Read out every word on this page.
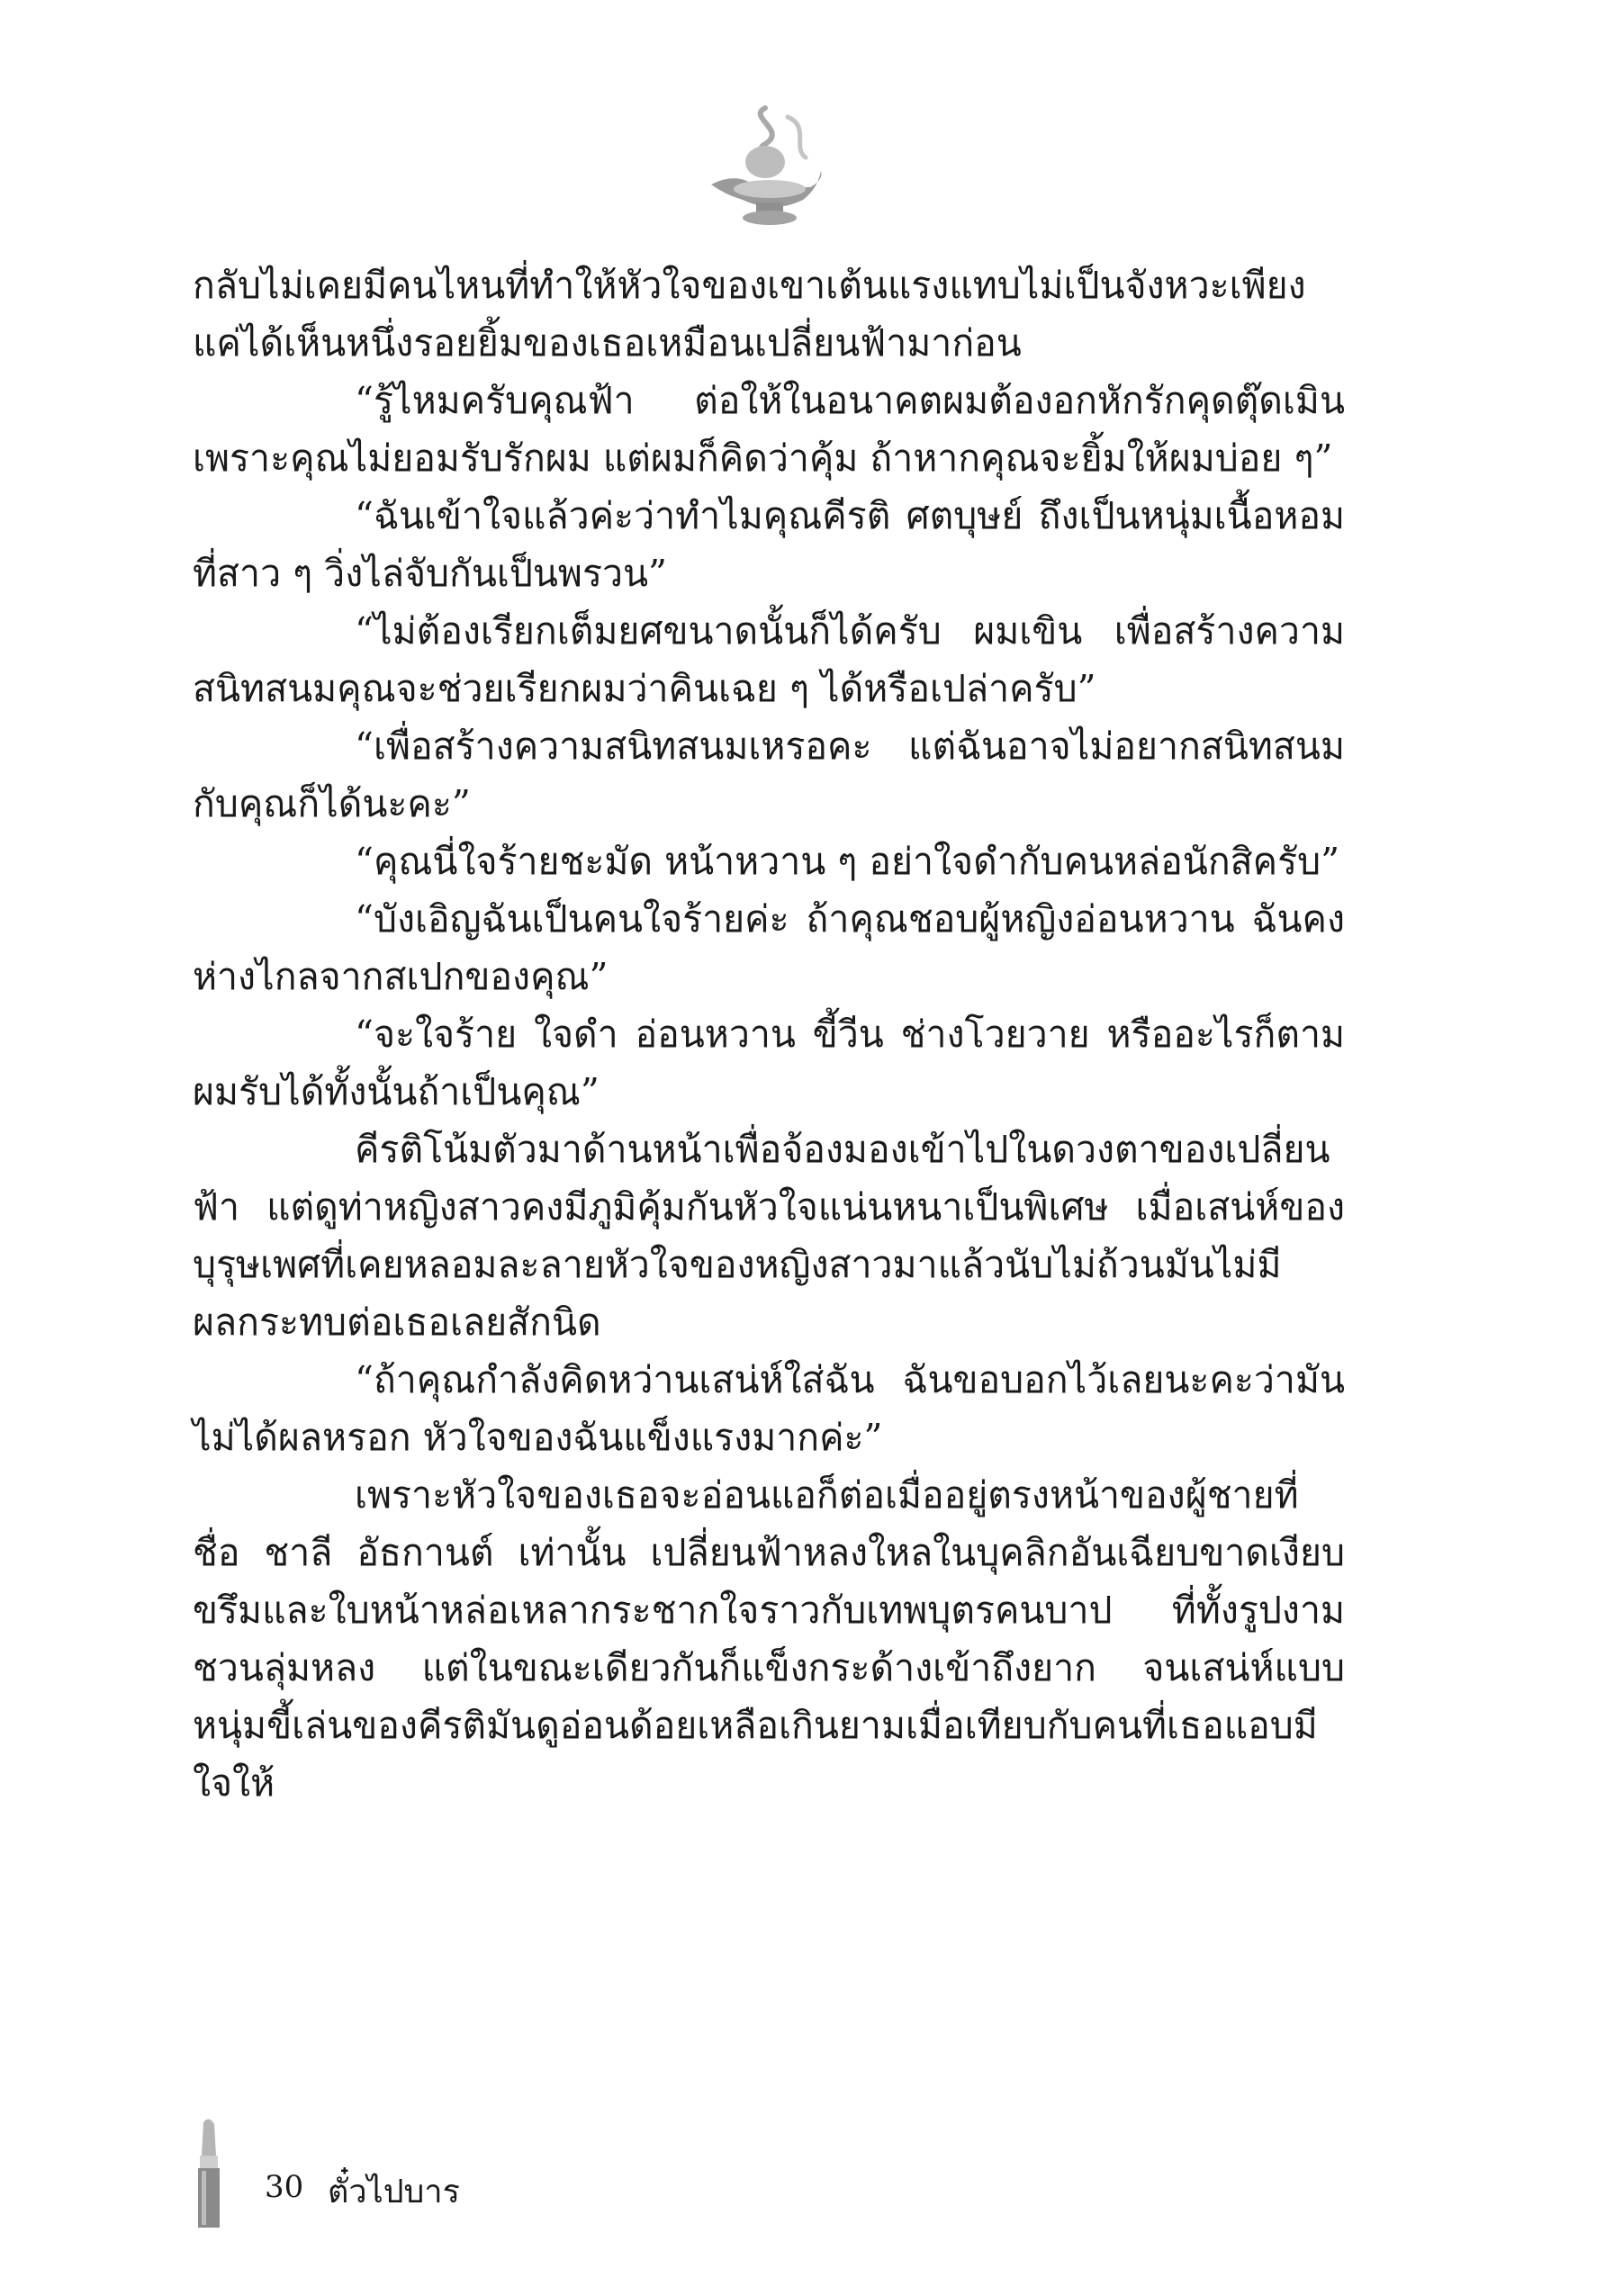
กลับไม่เคยมีคนไหนที่ทำให้หัวใจของเขาเต้นแรงแทบไม่เป็นจังหวะเพียงแค่ได้เห็นหนึ่งรอยยิ้มของเธอเหมือนเปลี่ยนฟ้ามาก่อน

“รู้ไหมครับคุณฟ้า ต่อให้ในอนาคตผมต้องอกหักรักคุดตุ๊ดเมิน เพราะคุณไม่ยอมรับรักผม แต่ผมก็คิดว่าคุ้ม ถ้าหากคุณจะยิ้มให้ผมบ่อย ๆ”

“ฉันเข้าใจแล้วค่ะว่าทำไมคุณคีรติ ศตบุษย์ ถึงเป็นหนุ่มเนื้อหอมที่สาว ๆ วิ่งไล่จับกันเป็นพรวน”

“ไม่ต้องเรียกเต็มยศขนาดนั้นก็ได้ครับ ผมเขิน เพื่อสร้างความสนิทสนมคุณจะช่วยเรียกผมว่าคินเฉย ๆ ได้หรือเปล่าครับ”

“เพื่อสร้างความสนิทสนมเหรอคะ แต่ฉันอาจไม่อยากสนิทสนมกับคุณก็ได้นะคะ”

“คุณนี่ใจร้ายชะมัด หน้าหวาน ๆ อย่าใจดำกับคนหล่อนักสิครับ”

“บังเอิญฉันเป็นคนใจร้ายค่ะ ถ้าคุณชอบผู้หญิงอ่อนหวาน ฉันคงห่างไกลจากสเปกของคุณ”

“จะใจร้าย ใจดำ อ่อนหวาน ขี้วีน ช่างโวยวาย หรืออะไรก็ตาม ผมรับได้ทั้งนั้นถ้าเป็นคุณ”

คีรติโน้มตัวมาด้านหน้าเพื่อจ้องมองเข้าไปในดวงตาของเปลี่ยนฟ้า แต่ดูท่าหญิงสาวคงมีภูมิคุ้มกันหัวใจแน่นหนาเป็นพิเศษ เมื่อเสน่ห์ของบุรุษเพศที่เคยหลอมละลายหัวใจของหญิงสาวมาแล้วนับไม่ถ้วนมันไม่มีผลกระทบต่อเธอเลยสักนิด

“ถ้าคุณกำลังคิดหว่านเสน่ห์ใส่ฉัน ฉันขอบอกไว้เลยนะคะว่ามันไม่ได้ผลหรอก หัวใจของฉันแข็งแรงมากค่ะ”

เพราะหัวใจของเธอจะอ่อนแอก็ต่อเมื่ออยู่ตรงหน้าของผู้ชายที่ชื่อ ชาลี อัธกานต์ เท่านั้น เปลี่ยนฟ้าหลงใหลในบุคลิกอันเฉียบขาดเงียบขรึมและใบหน้าหล่อเหลากระชากใจราวกับเทพบุตรคนบาป ที่ทั้งรูปงามชวนลุ่มหลง แต่ในขณะเดียวกันก็แข็งกระด้างเข้าถึงยาก จนเสน่ห์แบบหนุ่มขี้เล่นของคีรติมันดูอ่อนด้อยเหลือเกินยามเมื่อเทียบกับคนที่เธอแอบมีใจให้

30 ตั๋วไปบาร
